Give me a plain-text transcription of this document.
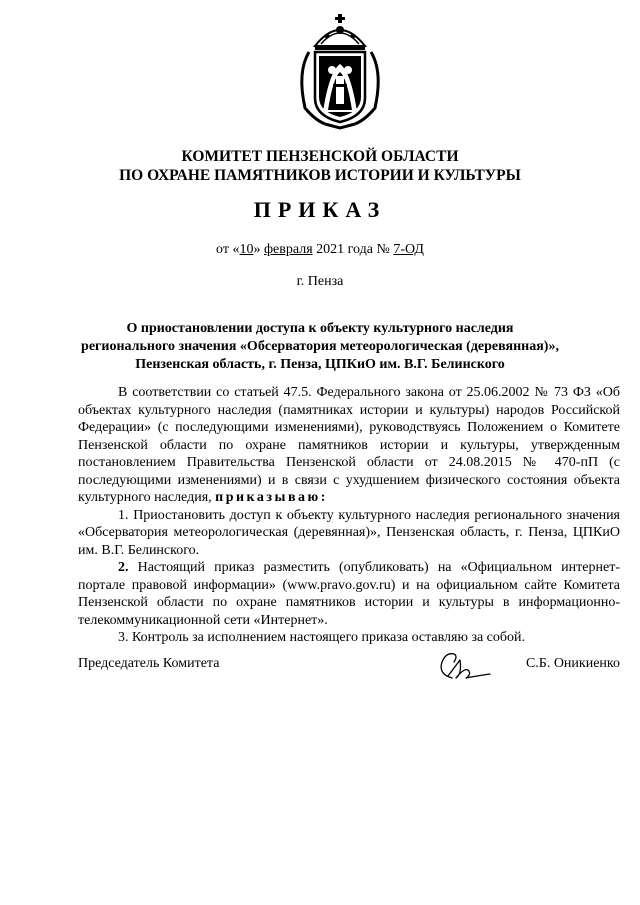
КОМИТЕТ ПЕНЗЕНСКОЙ ОБЛАСТИ
ПО ОХРАНЕ ПАМЯТНИКОВ ИСТОРИИ И КУЛЬТУРЫ
ПРИКАЗ
от «10» февраля 2021 года № 7-ОД
г. Пенза
О приостановлении доступа к объекту культурного наследия
регионального значения «Обсерватория метеорологическая (деревянная)»,
Пензенская область, г. Пенза, ЦПКиО им. В.Г. Белинского

В соответствии со статьей 47.5. Федерального закона от 25.06.2002 № 73 ФЗ «Об объектах культурного наследия (памятниках истории и культуры) народов Российской Федерации» (с последующими изменениями), руководствуясь Положением о Комитете Пензенской области по охране памятников истории и культуры, утвержденным постановлением Правительства Пензенской области от 24.08.2015 № 470-пП (с последующими изменениями) и в связи с ухудшением физического состояния объекта культурного наследия, приказываю:

1. Приостановить доступ к объекту культурного наследия регионального значения «Обсерватория метеорологическая (деревянная)», Пензенская область, г. Пенза, ЦПКиО им. В.Г. Белинского.

2. Настоящий приказ разместить (опубликовать) на «Официальном интернет-портале правовой информации» (www.pravo.gov.ru) и на официальном сайте Комитета Пензенской области по охране памятников истории и культуры в информационно-телекоммуникационной сети «Интернет».

3. Контроль за исполнением настоящего приказа оставляю за собой.

Председатель Комитета	С.Б. Оникиенко
